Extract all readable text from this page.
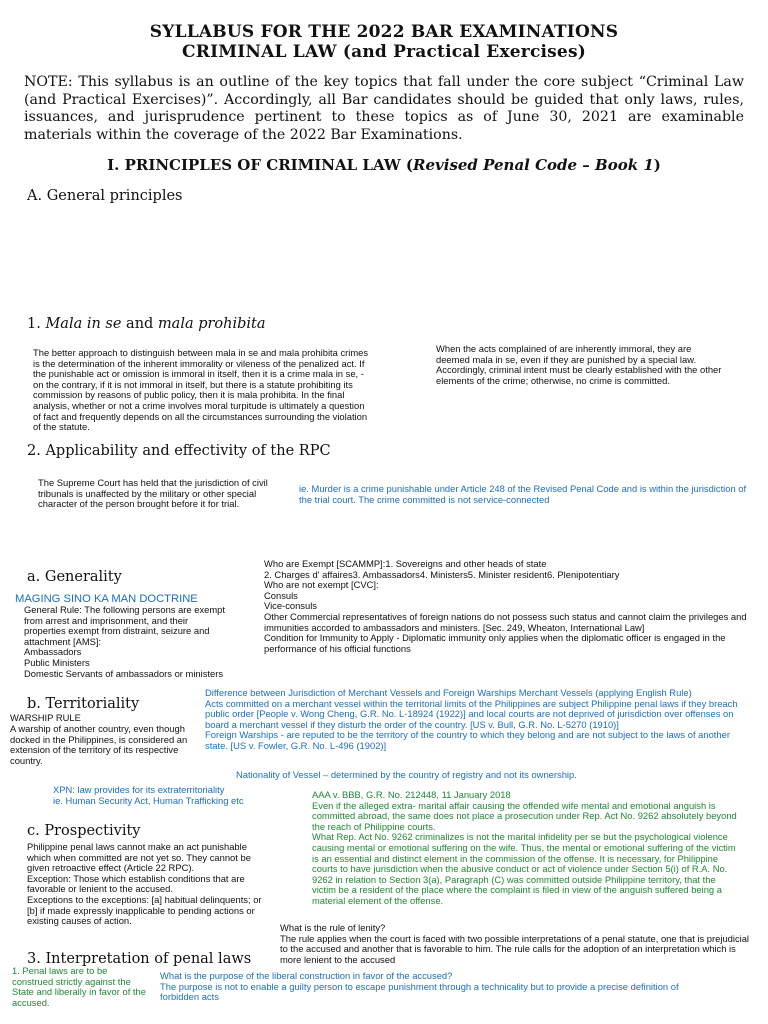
SYLLABUS FOR THE 2022 BAR EXAMINATIONS
CRIMINAL LAW (and Practical Exercises)
NOTE: This syllabus is an outline of the key topics that fall under the core subject “Criminal Law (and Practical Exercises)”. Accordingly, all Bar candidates should be guided that only laws, rules, issuances, and jurisprudence pertinent to these topics as of June 30, 2021 are examinable materials within the coverage of the 2022 Bar Examinations.
I. PRINCIPLES OF CRIMINAL LAW (Revised Penal Code – Book 1)
A. General principles
1. Mala in se and mala prohibita
The better approach to distinguish between mala in se and mala prohibita crimes is the determination of the inherent immorality or vileness of the penalized act. If the punishable act or omission is immoral in itself, then it is a crime mala in se, - on the contrary, if it is not immoral in itself, but there is a statute prohibiting its commission by reasons of public policy, then it is mala prohibita. In the final analysis, whether or not a crime involves moral turpitude is ultimately a question of fact and frequently depends on all the circumstances surrounding the violation of the statute.
When the acts complained of are inherently immoral, they are deemed mala in se, even if they are punished by a special law. Accordingly, criminal intent must be clearly established with the other elements of the crime; otherwise, no crime is committed.
2. Applicability and effectivity of the RPC
The Supreme Court has held that the jurisdiction of civil tribunals is unaffected by the military or other special character of the person brought before it for trial.
ie. Murder is a crime punishable under Article 248 of the Revised Penal Code and is within the jurisdiction of the trial court. The crime committed is not service-connected
Who are Exempt [SCAMMP]:1. Sovereigns and other heads of state
2. Charges d' affaires3. Ambassadors4. Ministers5. Minister resident6. Plenipotentiary
Who are not exempt [CVC]:
Consuls
Vice-consuls
Other Commercial representatives of foreign nations do not possess such status and cannot claim the privileges and immunities accorded to ambassadors and ministers. [Sec. 249, Wheaton, International Law]
Condition for Immunity to Apply - Diplomatic immunity only applies when the diplomatic officer is engaged in the performance of his official functions
a. Generality
MAGING SINO KA MAN DOCTRINE
General Rule: The following persons are exempt from arrest and imprisonment, and their properties exempt from distraint, seizure and attachment [AMS]:
Ambassadors
Public Ministers
Domestic Servants of ambassadors or ministers
b. Territoriality
WARSHIP RULE
A warship of another country, even though docked in the Philippines, is considered an extension of the territory of its respective country.
Difference between Jurisdiction of Merchant Vessels and Foreign Warships Merchant Vessels (applying English Rule)
Acts committed on a merchant vessel within the territorial limits of the Philippines are subject Philippine penal laws if they breach public order [People v. Wong Cheng, G.R. No. L-18924 (1922)] and local courts are not deprived of jurisdiction over offenses on board a merchant vessel if they disturb the order of the country. [US v. Bull, G.R. No. L-5270 (1910)]
Foreign Warships - are reputed to be the territory of the country to which they belong and are not subject to the laws of another state. [US v. Fowler, G.R. No. L-496 (1902)]
Nationality of Vessel – determined by the country of registry and not its ownership.
XPN: law provides for its extraterritoriality
ie. Human Security Act, Human Trafficking etc
AAA v. BBB, G.R. No. 212448, 11 January 2018
Even if the alleged extra- marital affair causing the offended wife mental and emotional anguish is committed abroad, the same does not place a prosecution under Rep. Act No. 9262 absolutely beyond the reach of Philippine courts.
What Rep. Act No. 9262 criminalizes is not the marital infidelity per se but the psychological violence causing mental or emotional suffering on the wife. Thus, the mental or emotional suffering of the victim is an essential and distinct element in the commission of the offense. It is necessary, for Philippine courts to have jurisdiction when the abusive conduct or act of violence under Section 5(i) of R.A. No. 9262 in relation to Section 3(a), Paragraph (C) was committed outside Philippine territory, that the victim be a resident of the place where the complaint is filed in view of the anguish suffered being a material element of the offense.
c. Prospectivity
Philippine penal laws cannot make an act punishable which when committed are not yet so. They cannot be given retroactive effect (Article 22 RPC).
Exception: Those which establish conditions that are favorable or lenient to the accused.
Exceptions to the exceptions: [a] habitual delinquents; or [b] if made expressly inapplicable to pending actions or existing causes of action.
What is the rule of lenity?
The rule applies when the court is faced with two possible interpretations of a penal statute, one that is prejudicial to the accused and another that is favorable to him. The rule calls for the adoption of an interpretation which is more lenient to the accused
3. Interpretation of penal laws
1. Penal laws are to be construed strictly against the State and liberally in favor of the accused.
What is the purpose of the liberal construction in favor of the accused?
The purpose is not to enable a guilty person to escape punishment through a technicality but to provide a precise definition of forbidden acts
